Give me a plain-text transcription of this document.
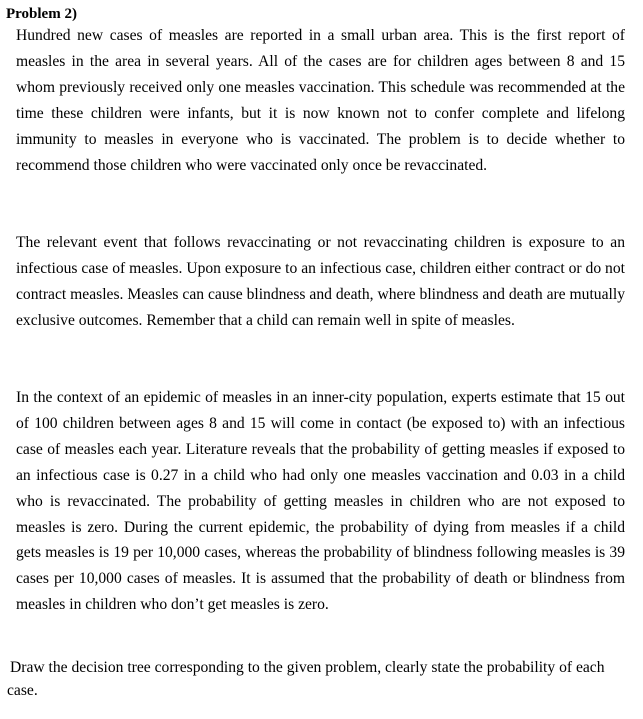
Problem 2)

Hundred new cases of measles are reported in a small urban area. This is the first report of measles in the area in several years. All of the cases are for children ages between 8 and 15 whom previously received only one measles vaccination. This schedule was recommended at the time these children were infants, but it is now known not to confer complete and lifelong immunity to measles in everyone who is vaccinated. The problem is to decide whether to recommend those children who were vaccinated only once be revaccinated.

The relevant event that follows revaccinating or not revaccinating children is exposure to an infectious case of measles. Upon exposure to an infectious case, children either contract or do not contract measles. Measles can cause blindness and death, where blindness and death are mutually exclusive outcomes. Remember that a child can remain well in spite of measles.

In the context of an epidemic of measles in an inner-city population, experts estimate that 15 out of 100 children between ages 8 and 15 will come in contact (be exposed to) with an infectious case of measles each year. Literature reveals that the probability of getting measles if exposed to an infectious case is 0.27 in a child who had only one measles vaccination and 0.03 in a child who is revaccinated. The probability of getting measles in children who are not exposed to measles is zero. During the current epidemic, the probability of dying from measles if a child gets measles is 19 per 10,000 cases, whereas the probability of blindness following measles is 39 cases per 10,000 cases of measles. It is assumed that the probability of death or blindness from measles in children who don’t get measles is zero.

Draw the decision tree corresponding to the given problem, clearly state the probability of each case.
